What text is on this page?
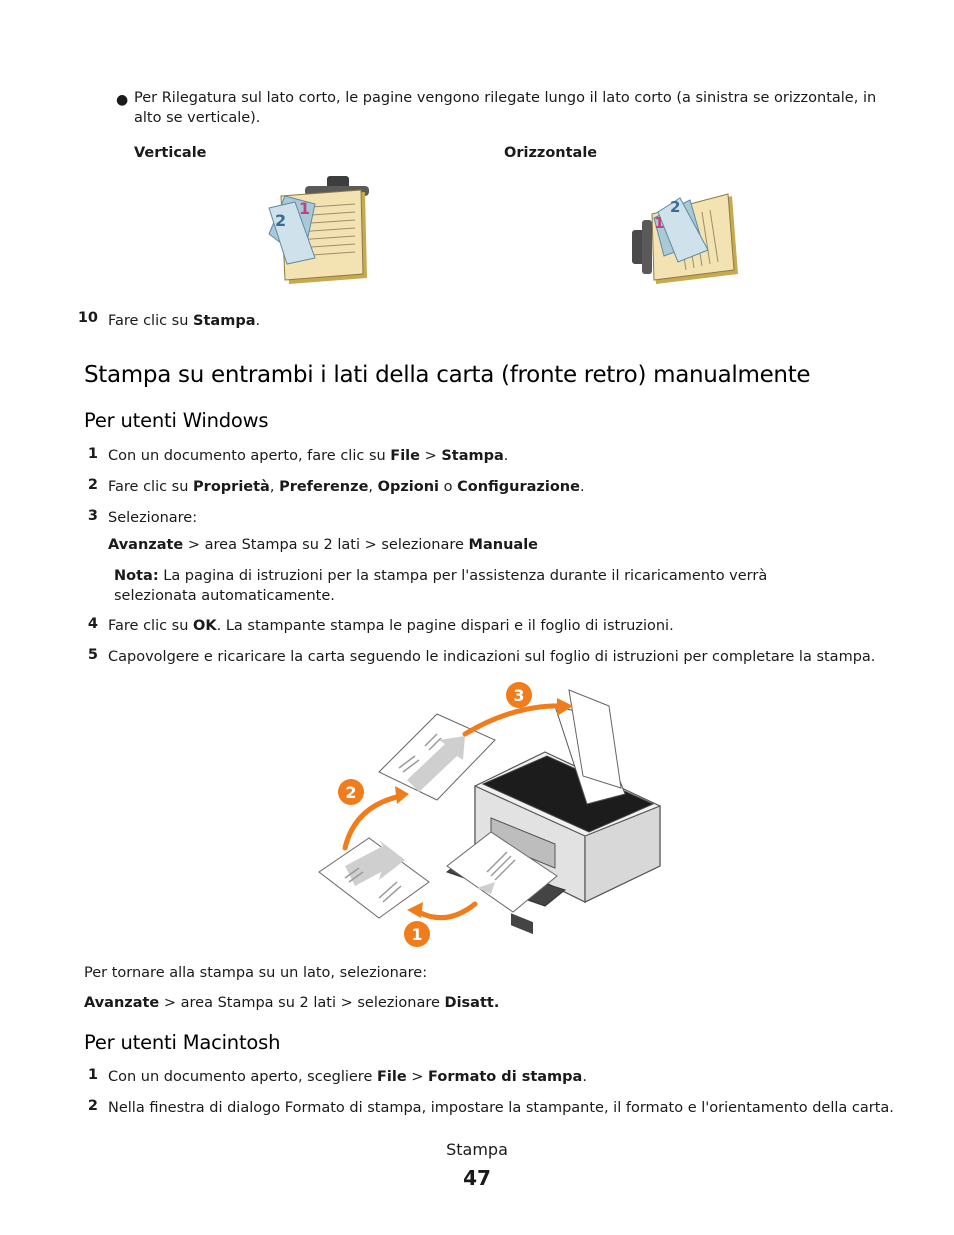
● Per Rilegatura sul lato corto, le pagine vengono rilegate lungo il lato corto (a sinistra se orizzontale, in alto se verticale).
Verticale	Orizzontale
1
2	1
2
10 Fare clic su Stampa.
Stampa su entrambi i lati della carta (fronte retro) manualmente
Per utenti Windows
1 Con un documento aperto, fare clic su File > Stampa.
2 Fare clic su Proprietà, Preferenze, Opzioni o Configurazione.
3 Selezionare:
Avanzate > area Stampa su 2 lati > selezionare Manuale
Nota: La pagina di istruzioni per la stampa per l'assistenza durante il ricaricamento verrà selezionata automaticamente.
4 Fare clic su OK. La stampante stampa le pagine dispari e il foglio di istruzioni.
5 Capovolgere e ricaricare la carta seguendo le indicazioni sul foglio di istruzioni per completare la stampa.
1
2
3
Per tornare alla stampa su un lato, selezionare:
Avanzate > area Stampa su 2 lati > selezionare Disatt.
Per utenti Macintosh
1 Con un documento aperto, scegliere File > Formato di stampa.
2 Nella finestra di dialogo Formato di stampa, impostare la stampante, il formato e l'orientamento della carta.
Stampa
47
